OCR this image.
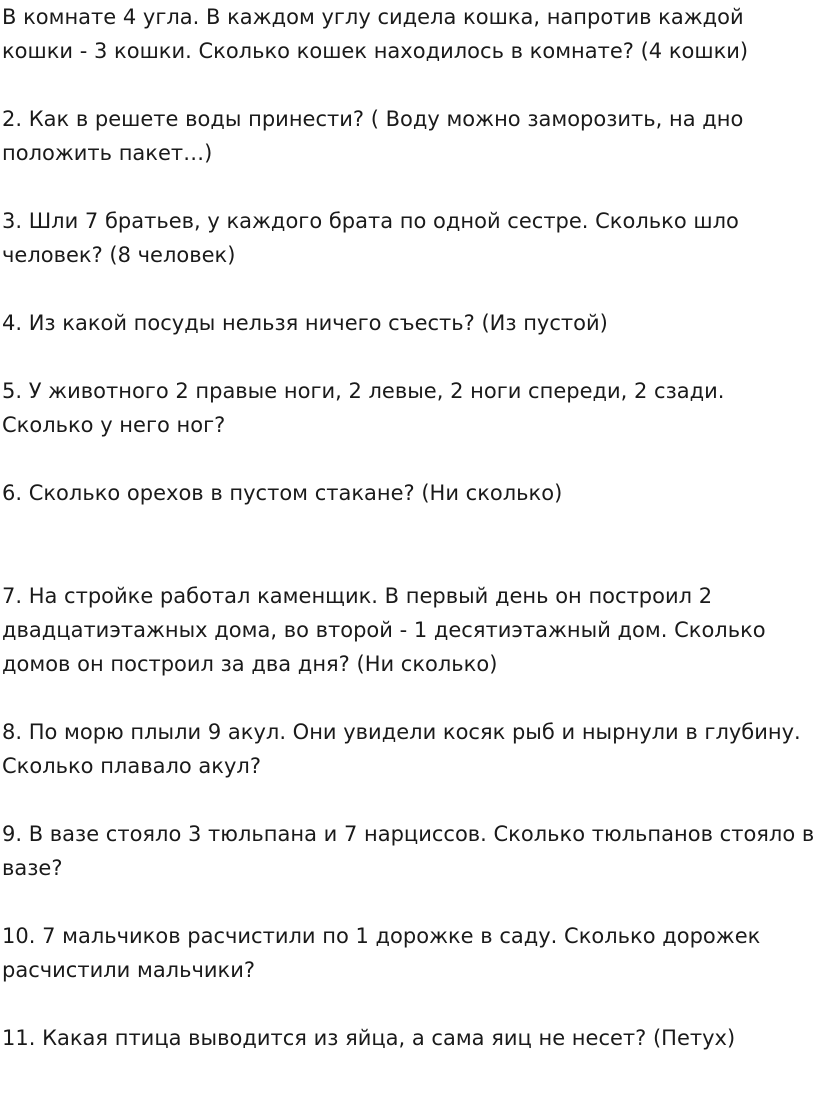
В комнате 4 угла. В каждом углу сидела кошка, напротив каждой кошки - 3 кошки. Сколько кошек находилось в комнате? (4 кошки)

2. Как в решете воды принести? ( Воду можно заморозить, на дно положить пакет…)

3. Шли 7 братьев, у каждого брата по одной сестре. Сколько шло человек? (8 человек)

4. Из какой посуды нельзя ничего съесть? (Из пустой)

5. У животного 2 правые ноги, 2 левые, 2 ноги спереди, 2 сзади. Сколько у него ног?

6. Сколько орехов в пустом стакане? (Ни сколько)

7. На стройке работал каменщик. В первый день он построил 2 двадцатиэтажных дома, во второй - 1 десятиэтажный дом. Сколько домов он построил за два дня? (Ни сколько)

8. По морю плыли 9 акул. Они увидели косяк рыб и нырнули в глубину. Сколько плавало акул?

9. В вазе стояло 3 тюльпана и 7 нарциссов. Сколько тюльпанов стояло в вазе?

10. 7 мальчиков расчистили по 1 дорожке в саду. Сколько дорожек расчистили мальчики?

11. Какая птица выводится из яйца, а сама яиц не несет? (Петух)
